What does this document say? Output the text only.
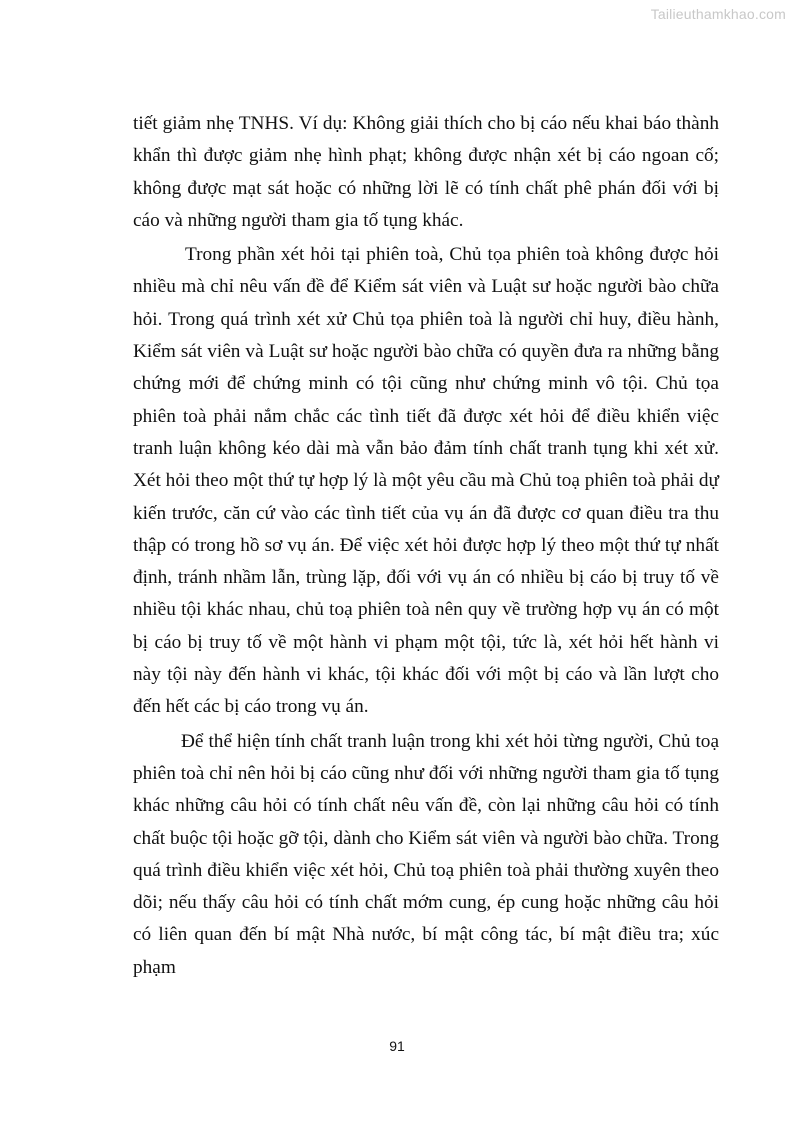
Tailieuthamkhao.com

tiết giảm nhẹ TNHS. Ví dụ: Không giải thích cho bị cáo nếu khai báo thành khẩn thì được giảm nhẹ hình phạt; không được nhận xét bị cáo ngoan cố; không được mạt sát hoặc có những lời lẽ có tính chất phê phán đối với bị cáo và những người tham gia tố tụng khác.

Trong phần xét hỏi tại phiên toà, Chủ tọa phiên toà không được hỏi nhiều mà chỉ nêu vấn đề để Kiểm sát viên và Luật sư hoặc người bào chữa hỏi. Trong quá trình xét xử Chủ tọa phiên toà là người chỉ huy, điều hành, Kiểm sát viên và Luật sư hoặc người bào chữa có quyền đưa ra những bằng chứng mới để chứng minh có tội cũng như chứng minh vô tội. Chủ tọa phiên toà phải nắm chắc các tình tiết đã được xét hỏi để điều khiển việc tranh luận không kéo dài mà vẫn bảo đảm tính chất tranh tụng khi xét xử. Xét hỏi theo một thứ tự hợp lý là một yêu cầu mà Chủ toạ phiên toà phải dự kiến trước, căn cứ vào các tình tiết của vụ án đã được cơ quan điều tra thu thập có trong hồ sơ vụ án. Để việc xét hỏi được hợp lý theo một thứ tự nhất định, tránh nhầm lẫn, trùng lặp, đối với vụ án có nhiều bị cáo bị truy tố về nhiều tội khác nhau, chủ toạ phiên toà nên quy về trường hợp vụ án có một bị cáo bị truy tố về một hành vi phạm một tội, tức là, xét hỏi hết hành vi này tội này đến hành vi khác, tội khác đối với một bị cáo và lần lượt cho đến hết các bị cáo trong vụ án.

Để thể hiện tính chất tranh luận trong khi xét hỏi từng người, Chủ toạ phiên toà chỉ nên hỏi bị cáo cũng như đối với những người tham gia tố tụng khác những câu hỏi có tính chất nêu vấn đề, còn lại những câu hỏi có tính chất buộc tội hoặc gỡ tội, dành cho Kiểm sát viên và người bào chữa. Trong quá trình điều khiển việc xét hỏi, Chủ toạ phiên toà phải thường xuyên theo dõi; nếu thấy câu hỏi có tính chất mớm cung, ép cung hoặc những câu hỏi có liên quan đến bí mật Nhà nước, bí mật công tác, bí mật điều tra; xúc phạm

91
